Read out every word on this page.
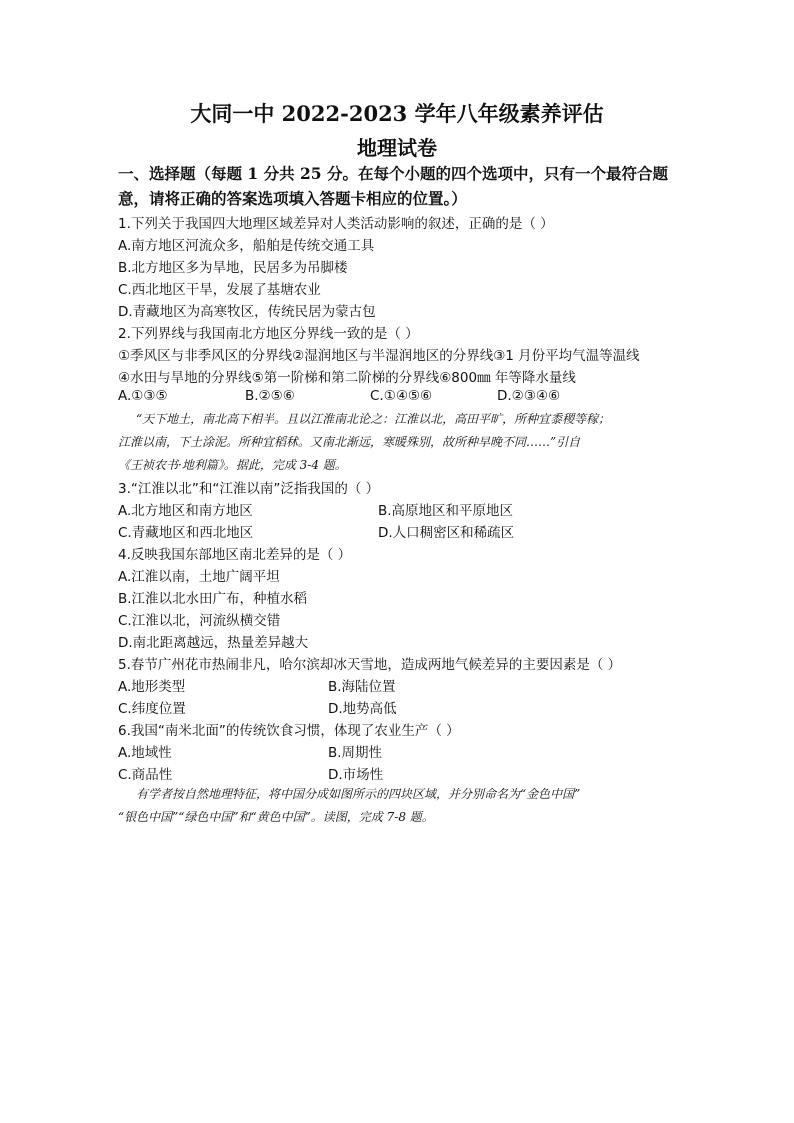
大同一中 2022-2023 学年八年级素养评估
地理试卷
一、选择题（每题 1 分共 25 分。在每个小题的四个选项中，只有一个最符合题
意，请将正确的答案选项填入答题卡相应的位置。）
1.下列关于我国四大地理区域差异对人类活动影响的叙述，正确的是（ ）
A.南方地区河流众多，船舶是传统交通工具
B.北方地区多为旱地，民居多为吊脚楼
C.西北地区干旱，发展了基塘农业
D.青藏地区为高寒牧区，传统民居为蒙古包
2.下列界线与我国南北方地区分界线一致的是（ ）
①季风区与非季风区的分界线②湿润地区与半湿润地区的分界线③1 月份平均气温等温线
④水田与旱地的分界线⑤第一阶梯和第二阶梯的分界线⑥800㎜ 年等降水量线
A.①③⑤	B.②⑤⑥	C.①④⑤⑥	D.②③④⑥
“天下地土，南北高下相半。且以江淮南北论之：江淮以北，高田平旷，所种宜黍稷等稼；
江淮以南，下土涂泥。所种宜稻秫。又南北渐远，寒暖殊别，故所种早晚不同……”引自
《王祯农书·地利篇》。据此，完成 3-4 题。
3.“江淮以北”和“江淮以南”泛指我国的（ ）
A.北方地区和南方地区	B.高原地区和平原地区
C.青藏地区和西北地区	D.人口稠密区和稀疏区
4.反映我国东部地区南北差异的是（ ）
A.江淮以南，土地广阔平坦
B.江淮以北水田广布，种植水稻
C.江淮以北，河流纵横交错
D.南北距离越远，热量差异越大
5.春节广州花市热闹非凡，哈尔滨却冰天雪地，造成两地气候差异的主要因素是（ ）
A.地形类型	B.海陆位置
C.纬度位置	D.地势高低
6.我国“南米北面”的传统饮食习惯，体现了农业生产（ ）
A.地域性	B.周期性
C.商品性	D.市场性
有学者按自然地理特征，将中国分成如图所示的四块区域，并分别命名为“金色中国”
“银色中国”“绿色中国”和“黄色中国”。读图，完成 7-8 题。
